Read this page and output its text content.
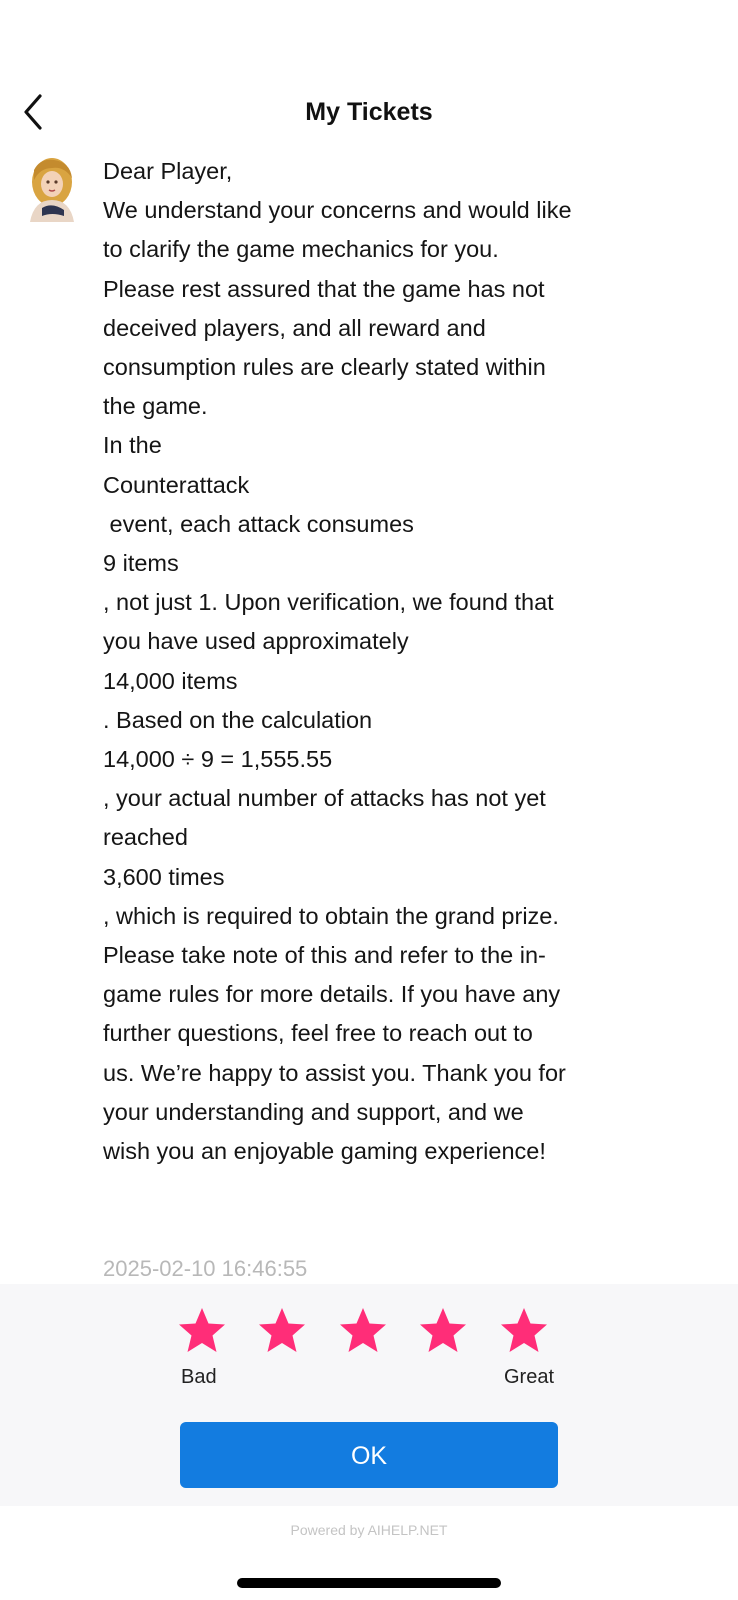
My Tickets
Dear Player,
We understand your concerns and would like
to clarify the game mechanics for you.
Please rest assured that the game has not
deceived players, and all reward and
consumption rules are clearly stated within
the game.
In the
Counterattack
event, each attack consumes
9 items
, not just 1. Upon verification, we found that
you have used approximately
14,000 items
. Based on the calculation
14,000 ÷ 9 = 1,555.55
, your actual number of attacks has not yet
reached
3,600 times
, which is required to obtain the grand prize.
Please take note of this and refer to the in-
game rules for more details. If you have any
further questions, feel free to reach out to
us. We’re happy to assist you. Thank you for
your understanding and support, and we
wish you an enjoyable gaming experience!
2025-02-10 16:46:55
Bad	Great
OK
Powered by AIHELP.NET
